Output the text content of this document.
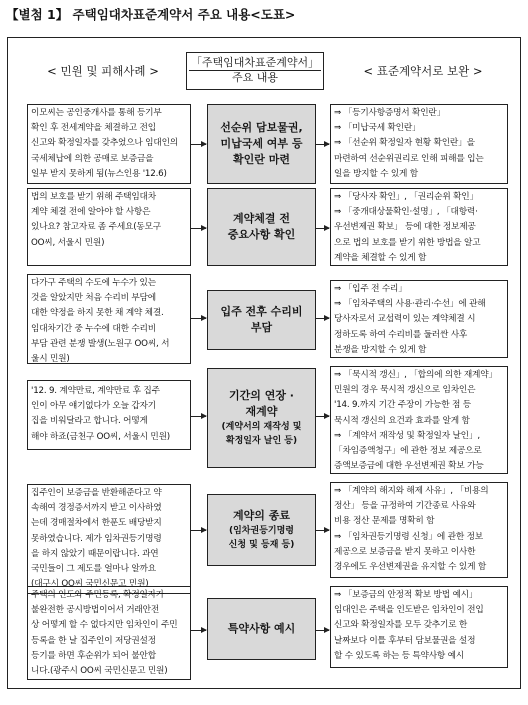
【별첨 1】 주택임대차표준계약서 주요 내용<도표>
< 민원 및 피해사례 >
「주택임대차표준계약서」
주요 내용	< 표준계약서로 보완 >
이모씨는 공인중개사를 통해 등기부
확인 후 전세계약을 체결하고 전입
신고와 확정일자를 갖추었으나 임대인의
국세체납에 의한 공매로 보증금을
일부 받지 못하게 됨(뉴스인용 '12.6)
선순위 담보물권,
미납국세 여부 등
확인란 마련
⇒ 「등기사항증명서 확인란」
⇒ 「미납국세 확인란」
⇒ 「선순위 확정일자 현황 확인란」을
마련하여 선순위권리로 인해 피해를 입는
일을 방지할 수 있게 함
법의 보호를 받기 위해 주택임대차
계약 체결 전에 알아야 할 사항은
있나요? 참고자료 좀 주세요(동모구
OO씨, 서울시 민원)
계약체결 전
중요사항 확인
⇒ 「당사자 확인」, 「권리순위 확인」
⇒ 「중개대상물확인·설명」, 「대항력·
우선변제권 확보」 등에 대한 정보제공
으로 법의 보호를 받기 위한 방법을 알고
계약을 체결할 수 있게 함
다가구 주택의 수도에 누수가 있는
것을 알았지만 처음 수리비 부담에
대한 약정을 하지 못한 채 계약 체결.
임대차기간 중 누수에 대한 수리비
부담 관련 분쟁 발생(노원구 OO씨, 서
울시 민원)
입주 전후 수리비
부담
⇒ 「입주 전 수리」
⇒ 「임차주택의 사용·관리·수선」에 관해
당사자로서 교섭력이 있는 계약체결 시
정하도록 하여 수리비를 둘러싼 사후
분쟁을 방지할 수 있게 함
'12. 9. 계약만료, 계약만료 후 집주
인이 아무 얘기없다가 오늘 갑자기
집을 비워달라고 합니다. 어떻게
해야 하죠(금천구 OO씨, 서울시 민원)
기간의 연장 ·
재계약
(계약서의 재작성 및
확정일자 날인 등)
⇒ 「묵시적 갱신」, 「합의에 의한 재계약」
민원의 경우 묵시적 갱신으로 임차인은
'14. 9.까지 기간 주장이 가능한 점 등
묵시적 갱신의 요건과 효과를 알게 함
⇒ 「계약서 재작성 및 확정일자 날인」,
「차임증액청구」에 관한 정보 제공으로
증액보증금에 대한 우선변제권 확보 가능
집주인이 보증금을 반환해준다고 약
속해여 경정증서까지 받고 이사하였
는데 경매절차에서 한푼도 배당받지
못하였습니다. 제가 임차권등기명령
을 하지 않았기 때문이랍니다. 과연
국민들이 그 제도를 얼마나 알까요
(대구시 OO씨 국민신문고 민원)
계약의 종료
(임차권등기명령
신청 및 등재 등)
⇒ 「계약의 해지와 해제 사유」, 「비용의
정산」 등을 규정하여 기간종료 사유와
비용 정산 문제를 명확히 함
⇒ 「임차권등기명령 신청」에 관한 정보
제공으로 보증금을 받지 못하고 이사한
경우에도 우선변제권을 유지할 수 있게 함
주택의 인도와 주민등록, 확정일자가
불완전한 공시방법이어서 거래안전
상 어떻게 할 수 없다지만 임차인이 주민
등록을 한 날 집주인이 저당권설정
등기를 하면 후순위가 되어 불안합
니다.(광주시 OO씨 국민신문고 민원)
특약사항 예시
⇒ 「보증금의 안정적 확보 방법 예시」
임대인은 주택을 인도받은 임차인이 전입
신고와 확정일자를 모두 갖추기로 한
날짜보다 이틀 후부터 담보물권을 설정
할 수 있도록 하는 등 특약사항 예시
